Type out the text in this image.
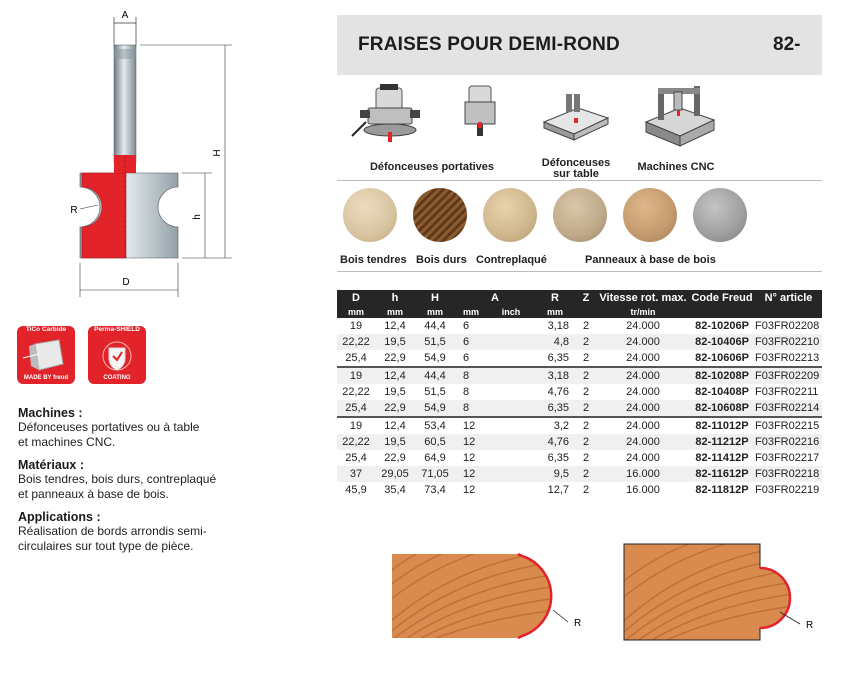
A
H
h
R
D
FRAISES POUR DEMI-ROND	82-
Défonceuses portatives	Défonceuses sur table
Machines CNC
Bois tendres Bois durs Contreplaqué	Panneaux à base de bois
D	h	H	A		R	Z	Vitesse rot. max.	Code Freud	N° article
mm	mm	mm	mm	inch	mm		tr/min		
19	12,4	44,4	6		3,18	2	24.000	82-10206P	F03FR02208
22,22	19,5	51,5	6		4,8	2	24.000	82-10406P	F03FR02210
25,4	22,9	54,9	6		6,35	2	24.000	82-10606P	F03FR02213
19	12,4	44,4	8		3,18	2	24.000	82-10208P	F03FR02209
22,22	19,5	51,5	8		4,76	2	24.000	82-10408P	F03FR02211
25,4	22,9	54,9	8		6,35	2	24.000	82-10608P	F03FR02214
19	12,4	53,4	12		3,2	2	24.000	82-11012P	F03FR02215
22,22	19,5	60,5	12		4,76	2	24.000	82-11212P	F03FR02216
25,4	22,9	64,9	12		6,35	2	24.000	82-11412P	F03FR02217
37	29,05	71,05	12		9,5	2	16.000	82-11612P	F03FR02218
45,9	35,4	73,4	12		12,7	2	16.000	82-11812P	F03FR02219
TiCo Carbide
MADE BY freud
Perma-SHIELD
COATING
Machines :
Défonceuses portatives ou à table
et machines CNC.
Matériaux :
Bois tendres, bois durs, contreplaqué
et panneaux à base de bois.
Applications :
Réalisation de bords arrondis semi-
circulaires sur tout type de pièce.
R	R
